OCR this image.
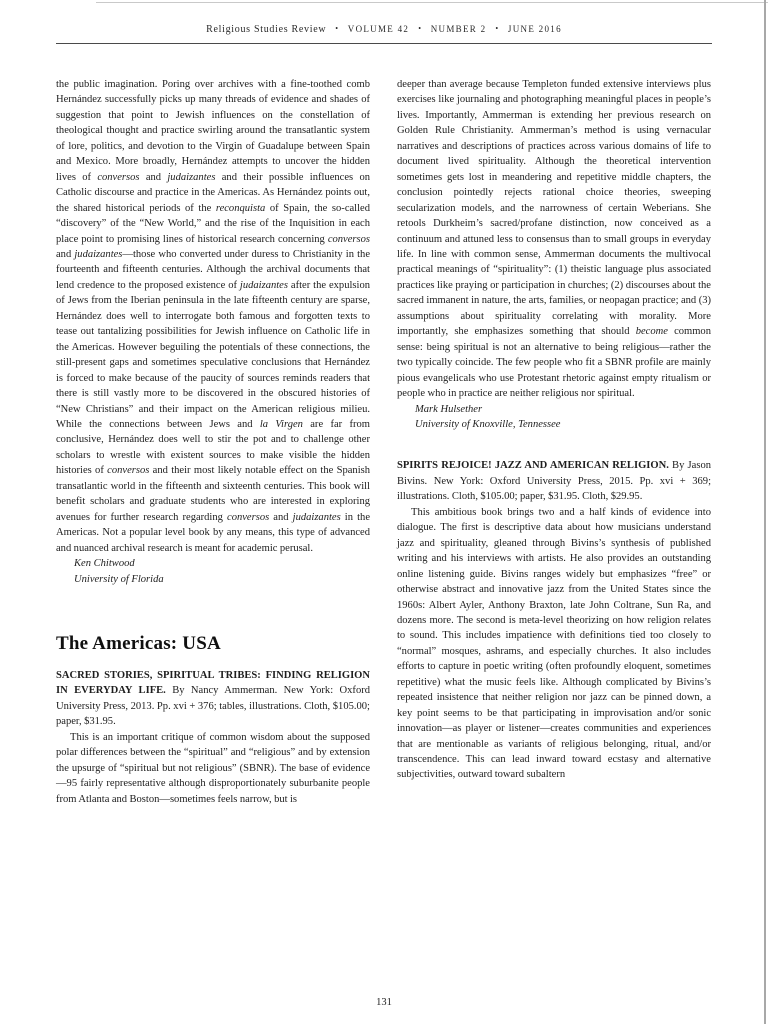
Religious Studies Review • VOLUME 42 • NUMBER 2 • JUNE 2016

the public imagination. Poring over archives with a fine-toothed comb Hernández successfully picks up many threads of evidence and shades of suggestion that point to Jewish influences on the constellation of theological thought and practice swirling around the transatlantic system of lore, politics, and devotion to the Virgin of Guadalupe between Spain and Mexico. More broadly, Hernández attempts to uncover the hidden lives of conversos and judaizantes and their possible influences on Catholic discourse and practice in the Americas. As Hernández points out, the shared historical periods of the reconquista of Spain, the so-called “discovery” of the “New World,” and the rise of the Inquisition in each place point to promising lines of historical research concerning conversos and judaizantes—those who converted under duress to Christianity in the fourteenth and fifteenth centuries. Although the archival documents that lend credence to the proposed existence of judaizantes after the expulsion of Jews from the Iberian peninsula in the late fifteenth century are sparse, Hernández does well to interrogate both famous and forgotten texts to tease out tantalizing possibilities for Jewish influence on Catholic life in the Americas. However beguiling the potentials of these connections, the still-present gaps and sometimes speculative conclusions that Hernández is forced to make because of the paucity of sources reminds readers that there is still vastly more to be discovered in the obscured histories of “New Christians” and their impact on the American religious milieu. While the connections between Jews and la Virgen are far from conclusive, Hernández does well to stir the pot and to challenge other scholars to wrestle with existent sources to make visible the hidden histories of conversos and their most likely notable effect on the Spanish transatlantic world in the fifteenth and sixteenth centuries. This book will benefit scholars and graduate students who are interested in exploring avenues for further research regarding conversos and judaizantes in the Americas. Not a popular level book by any means, this type of advanced and nuanced archival research is meant for academic perusal.

Ken Chitwood
University of Florida
The Americas: USA

SACRED STORIES, SPIRITUAL TRIBES: FINDING RELIGION IN EVERYDAY LIFE. By Nancy Ammerman. New York: Oxford University Press, 2013. Pp. xvi + 376; tables, illustrations. Cloth, $105.00; paper, $31.95.

This is an important critique of common wisdom about the supposed polar differences between the “spiritual” and “religious” and by extension the upsurge of “spiritual but not religious” (SBNR). The base of evidence—95 fairly representative although disproportionately suburbanite people from Atlanta and Boston—sometimes feels narrow, but is

deeper than average because Templeton funded extensive interviews plus exercises like journaling and photographing meaningful places in people’s lives. Importantly, Ammerman is extending her previous research on Golden Rule Christianity. Ammerman’s method is using vernacular narratives and descriptions of practices across various domains of life to document lived spirituality. Although the theoretical intervention sometimes gets lost in meandering and repetitive middle chapters, the conclusion pointedly rejects rational choice theories, sweeping secularization models, and the narrowness of certain Weberians. She retools Durkheim’s sacred/profane distinction, now conceived as a continuum and attuned less to consensus than to small groups in everyday life. In line with common sense, Ammerman documents the multivocal practical meanings of “spirituality”: (1) theistic language plus associated practices like praying or participation in churches; (2) discourses about the sacred immanent in nature, the arts, families, or neopagan practice; and (3) assumptions about spirituality correlating with morality. More importantly, she emphasizes something that should become common sense: being spiritual is not an alternative to being religious—rather the two typically coincide. The few people who fit a SBNR profile are mainly pious evangelicals who use Protestant rhetoric against empty ritualism or people who in practice are neither religious nor spiritual.

Mark Hulsether
University of Knoxville, Tennessee

SPIRITS REJOICE! JAZZ AND AMERICAN RELIGION. By Jason Bivins. New York: Oxford University Press, 2015. Pp. xvi + 369; illustrations. Cloth, $105.00; paper, $31.95. Cloth, $29.95.

This ambitious book brings two and a half kinds of evidence into dialogue. The first is descriptive data about how musicians understand jazz and spirituality, gleaned through Bivins’s synthesis of published writing and his interviews with artists. He also provides an outstanding online listening guide. Bivins ranges widely but emphasizes “free” or otherwise abstract and innovative jazz from the United States since the 1960s: Albert Ayler, Anthony Braxton, late John Coltrane, Sun Ra, and dozens more. The second is meta-level theorizing on how religion relates to sound. This includes impatience with definitions tied too closely to “normal” mosques, ashrams, and especially churches. It also includes efforts to capture in poetic writing (often profoundly eloquent, sometimes repetitive) what the music feels like. Although complicated by Bivins’s repeated insistence that neither religion nor jazz can be pinned down, a key point seems to be that participating in improvisation and/or sonic innovation—as player or listener—creates communities and experiences that are mentionable as variants of religious belonging, ritual, and/or transcendence. This can lead inward toward ecstasy and alternative subjectivities, outward toward subaltern

131
